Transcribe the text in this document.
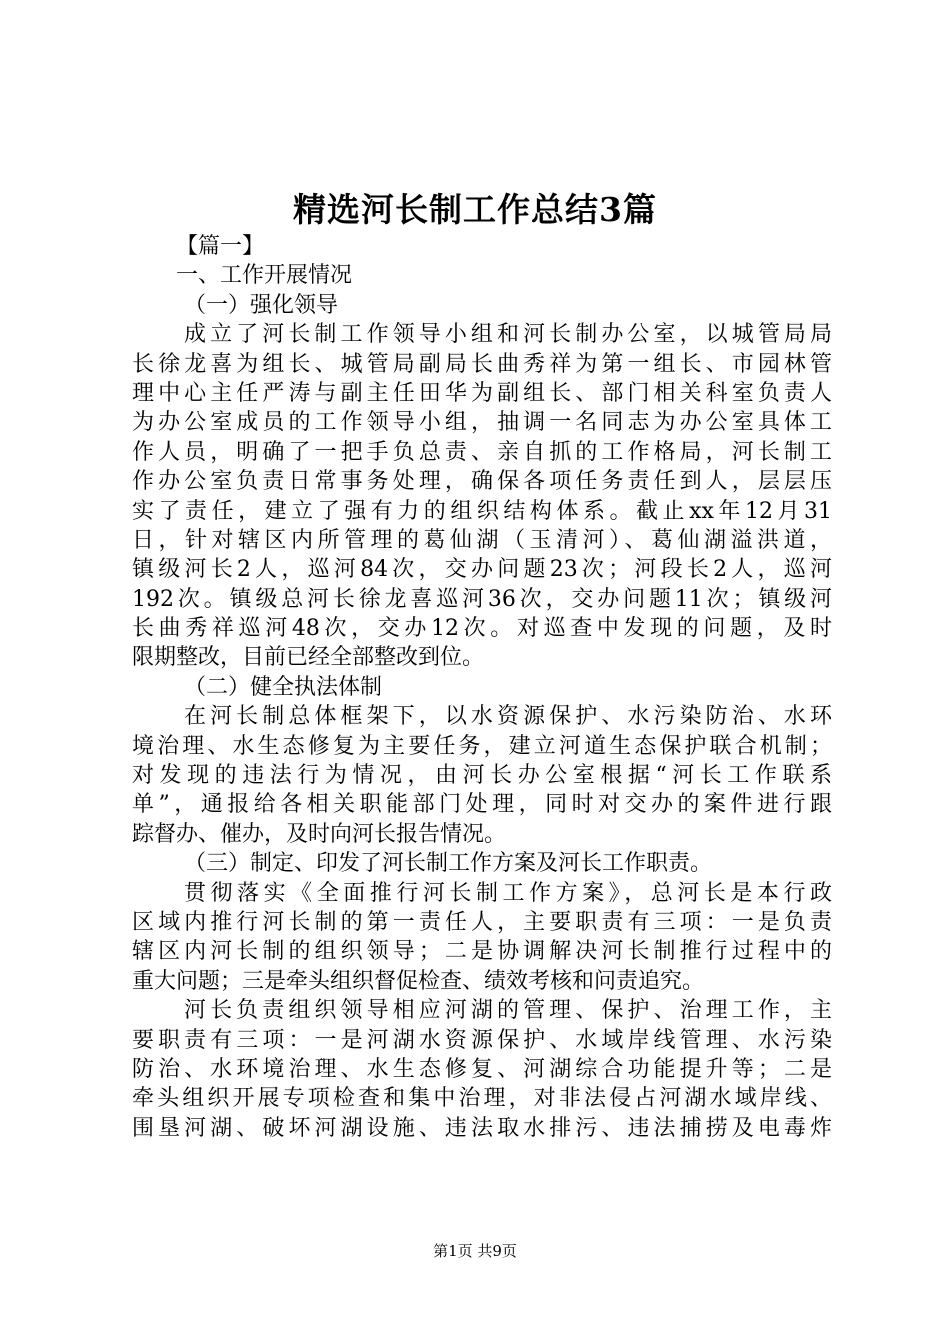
精选河长制工作总结3篇
【篇一】
一、工作开展情况
（一）强化领导
成立了河长制工作领导小组和河长制办公室，以城管局局
长徐龙喜为组长、城管局副局长曲秀祥为第一组长、市园林管
理中心主任严涛与副主任田华为副组长、部门相关科室负责人
为办公室成员的工作领导小组，抽调一名同志为办公室具体工
作人员，明确了一把手负总责、亲自抓的工作格局，河长制工
作办公室负责日常事务处理，确保各项任务责任到人，层层压
实了责任，建立了强有力的组织结构体系。截止xx年12月31
日，针对辖区内所管理的葛仙湖（玉清河）、葛仙湖溢洪道，
镇级河长2人，巡河84次，交办问题23次；河段长2人，巡河
192次。镇级总河长徐龙喜巡河36次，交办问题11次；镇级河
长曲秀祥巡河48次，交办12次。对巡查中发现的问题，及时
限期整改，目前已经全部整改到位。
（二）健全执法体制
在河长制总体框架下，以水资源保护、水污染防治、水环
境治理、水生态修复为主要任务，建立河道生态保护联合机制；
对发现的违法行为情况，由河长办公室根据“河长工作联系
单”，通报给各相关职能部门处理，同时对交办的案件进行跟
踪督办、催办，及时向河长报告情况。
（三）制定、印发了河长制工作方案及河长工作职责。
贯彻落实《全面推行河长制工作方案》，总河长是本行政
区域内推行河长制的第一责任人，主要职责有三项：一是负责
辖区内河长制的组织领导；二是协调解决河长制推行过程中的
重大问题；三是牵头组织督促检查、绩效考核和问责追究。
河长负责组织领导相应河湖的管理、保护、治理工作，主
要职责有三项：一是河湖水资源保护、水域岸线管理、水污染
防治、水环境治理、水生态修复、河湖综合功能提升等；二是
牵头组织开展专项检查和集中治理，对非法侵占河湖水域岸线、
围垦河湖、破坏河湖设施、违法取水排污、违法捕捞及电毒炸
第1页 共9页
